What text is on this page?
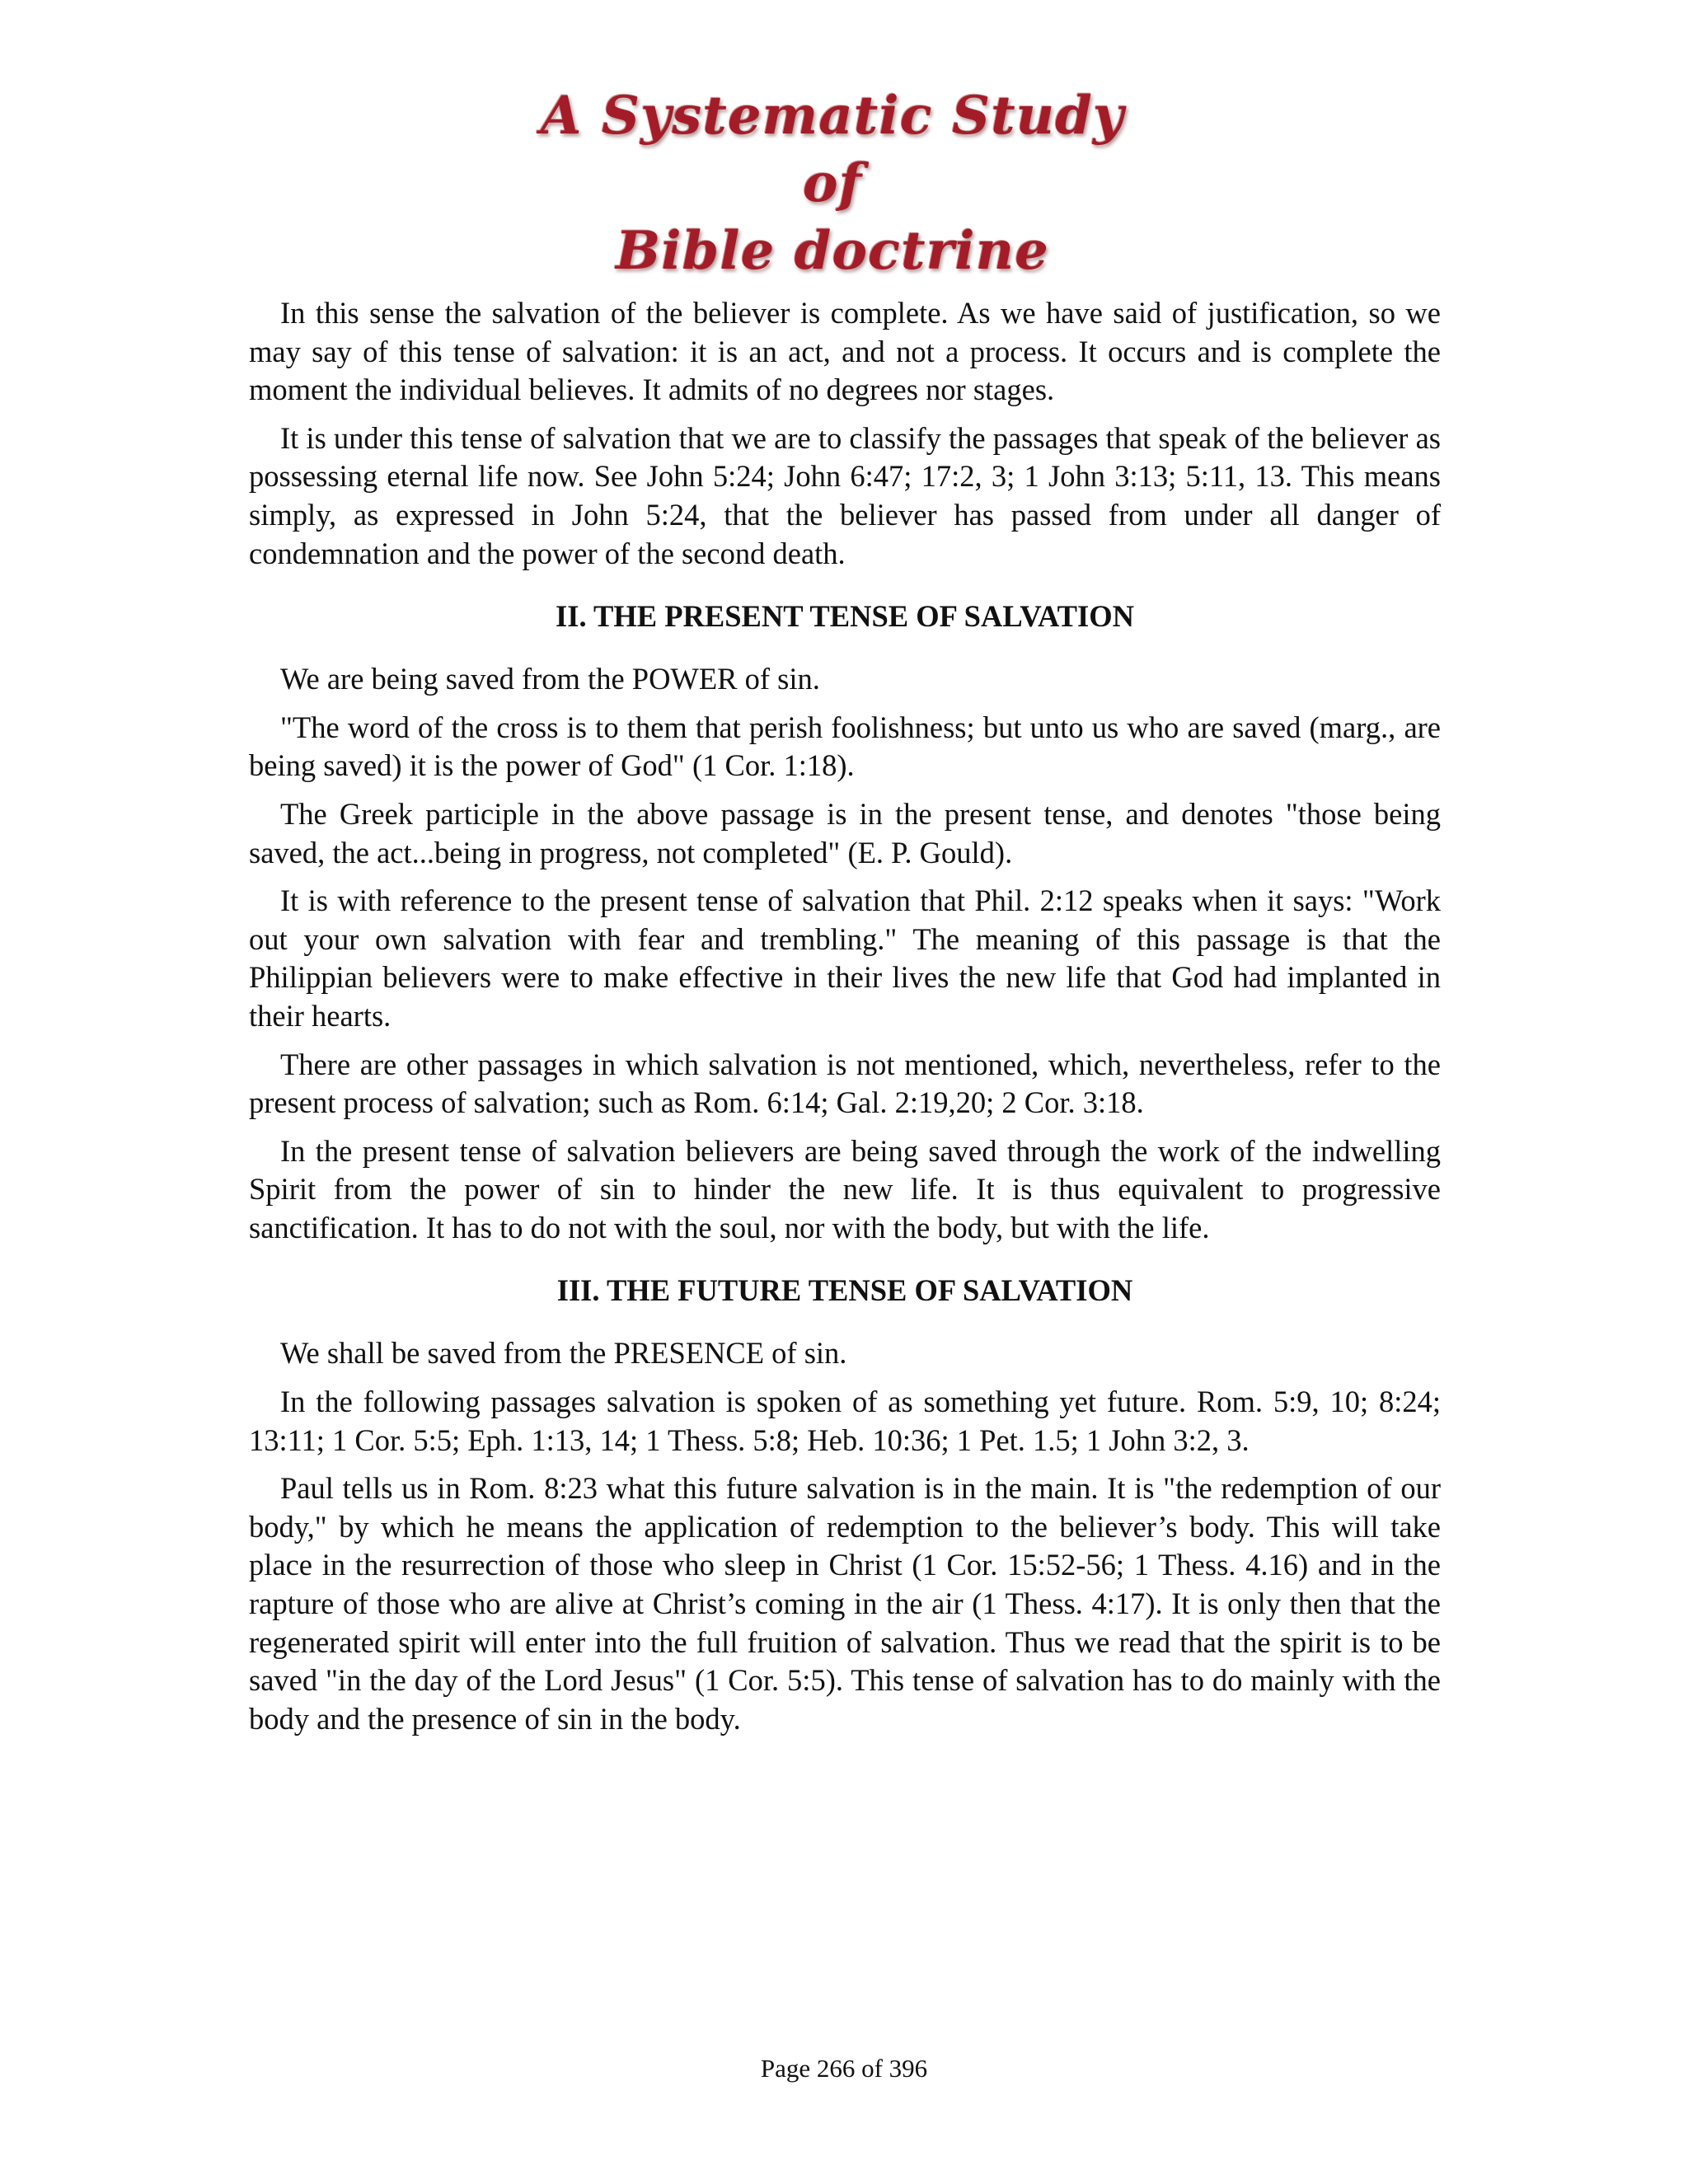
A Systematic Study of
Bible doctrine

In this sense the salvation of the believer is complete. As we have said of justification, so we may say of this tense of salvation: it is an act, and not a process. It occurs and is complete the moment the individual believes. It admits of no degrees nor stages.

It is under this tense of salvation that we are to classify the passages that speak of the believer as possessing eternal life now. See John 5:24; John 6:47; 17:2, 3; 1 John 3:13; 5:11, 13. This means simply, as expressed in John 5:24, that the believer has passed from under all danger of condemnation and the power of the second death.

II. THE PRESENT TENSE OF SALVATION

We are being saved from the POWER of sin.

"The word of the cross is to them that perish foolishness; but unto us who are saved (marg., are being saved) it is the power of God" (1 Cor. 1:18).

The Greek participle in the above passage is in the present tense, and denotes "those being saved, the act...being in progress, not completed" (E. P. Gould).

It is with reference to the present tense of salvation that Phil. 2:12 speaks when it says: "Work out your own salvation with fear and trembling." The meaning of this passage is that the Philippian believers were to make effective in their lives the new life that God had implanted in their hearts.

There are other passages in which salvation is not mentioned, which, nevertheless, refer to the present process of salvation; such as Rom. 6:14; Gal. 2:19,20; 2 Cor. 3:18.

In the present tense of salvation believers are being saved through the work of the indwelling Spirit from the power of sin to hinder the new life. It is thus equivalent to progressive sanctification. It has to do not with the soul, nor with the body, but with the life.

III. THE FUTURE TENSE OF SALVATION

We shall be saved from the PRESENCE of sin.

In the following passages salvation is spoken of as something yet future. Rom. 5:9, 10; 8:24; 13:11; 1 Cor. 5:5; Eph. 1:13, 14; 1 Thess. 5:8; Heb. 10:36; 1 Pet. 1.5; 1 John 3:2, 3.

Paul tells us in Rom. 8:23 what this future salvation is in the main. It is "the redemption of our body," by which he means the application of redemption to the believer’s body. This will take place in the resurrection of those who sleep in Christ (1 Cor. 15:52-56; 1 Thess. 4.16) and in the rapture of those who are alive at Christ’s coming in the air (1 Thess. 4:17). It is only then that the regenerated spirit will enter into the full fruition of salvation. Thus we read that the spirit is to be saved "in the day of the Lord Jesus" (1 Cor. 5:5). This tense of salvation has to do mainly with the body and the presence of sin in the body.

Page 266 of 396
